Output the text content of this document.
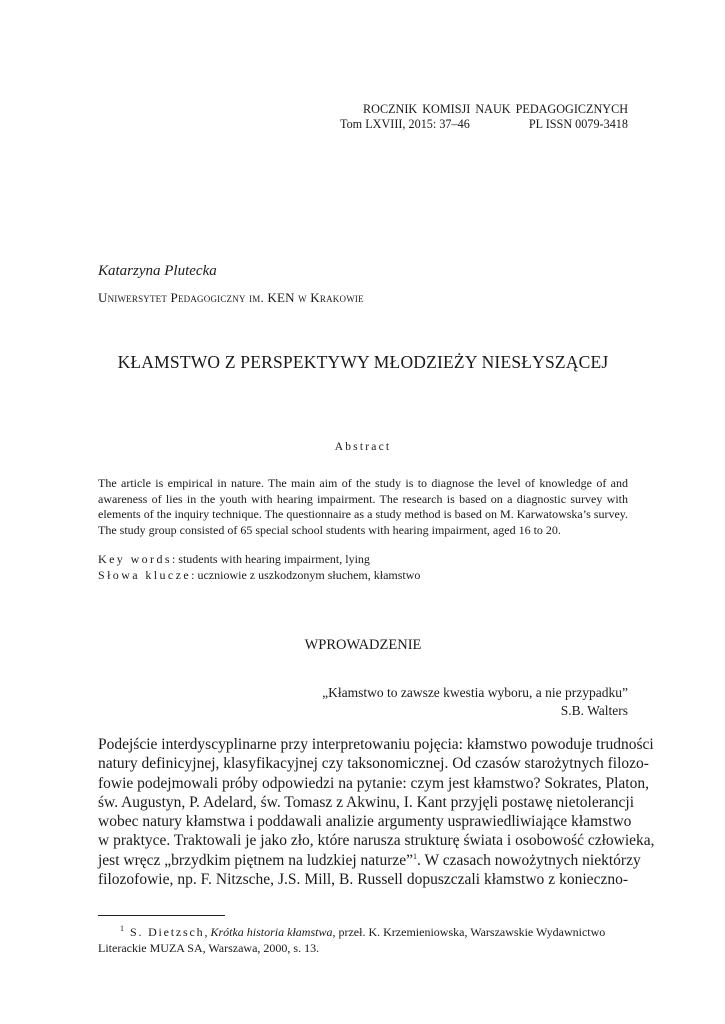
ROCZNIK KOMISJI NAUK PEDAGOGICZNYCH
Tom LXVIII, 2015: 37–46	PL ISSN 0079-3418
Katarzyna Plutecka
Uniwersytet Pedagogiczny im. KEN w Krakowie
KŁAMSTWO Z PERSPEKTYWY MŁODZIEŻY NIESŁYSZĄCEJ
Abstract
The article is empirical in nature. The main aim of the study is to diagnose the level of knowledge of and awareness of lies in the youth with hearing impairment. The research is based on a diagnostic survey with elements of the inquiry technique. The questionnaire as a study method is based on M. Karwatowska’s survey. The study group consisted of 65 special school students with hearing impairment, aged 16 to 20.
Key words: students with hearing impairment, lying
Słowa klucze: uczniowie z uszkodzonym słuchem, kłamstwo
WPROWADZENIE
„Kłamstwo to zawsze kwestia wyboru, a nie przypadku”
S.B. Walters
Podejście interdyscyplinarne przy interpretowaniu pojęcia: kłamstwo powoduje trudności
natury definicyjnej, klasyfikacyjnej czy taksonomicznej. Od czasów starożytnych filozo-
fowie podejmowali próby odpowiedzi na pytanie: czym jest kłamstwo? Sokrates, Platon,
św. Augustyn, P. Adelard, św. Tomasz z Akwinu, I. Kant przyjęli postawę nietolerancji
wobec natury kłamstwa i poddawali analizie argumenty usprawiedliwiające kłamstwo
w praktyce. Traktowali je jako zło, które narusza strukturę świata i osobowość człowieka,
jest wręcz „brzydkim piętnem na ludzkiej naturze”$^1$. W czasach nowożytnych niektórzy
filozofowie, np. F. Nitzsche, J.S. Mill, B. Russell dopuszczali kłamstwo z konieczno-
$^1$ S. Dietzsch, Krótka historia kłamstwa, przeł. K. Krzemieniowska, Warszawskie Wydawnictwo
Literackie MUZA SA, Warszawa, 2000, s. 13.
